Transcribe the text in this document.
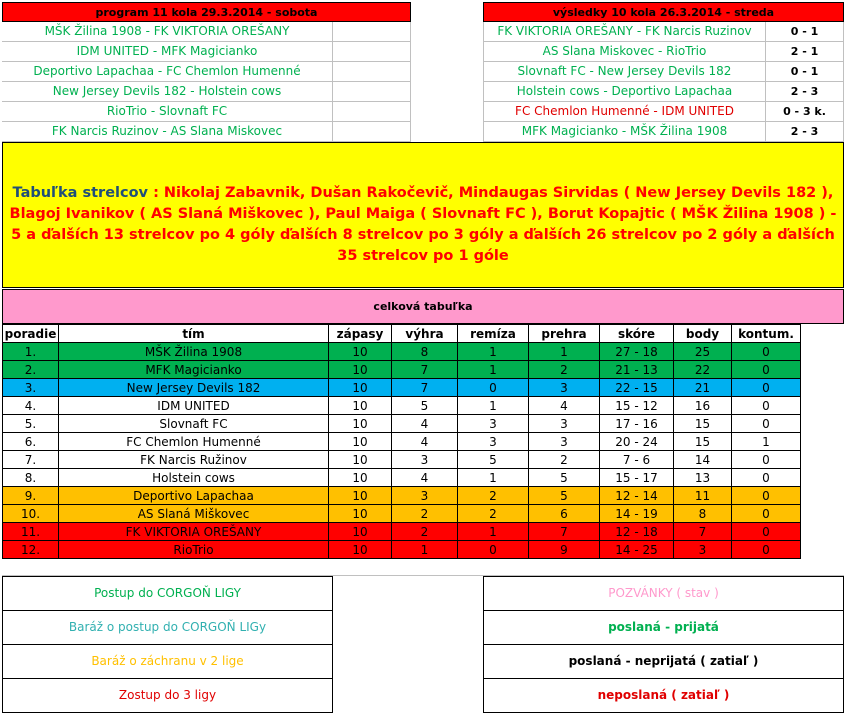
program 11 kola 29.3.2014 - sobota	výsledky 10 kola 26.3.2014 - streda
MŠK Žilina 1908 - FK VIKTORIA OREŠANY
IDM UNITED - MFK Magicianko
Deportivo Lapachaa - FC Chemlon Humenné
New Jersey Devils 182 - Holstein cows
RioTrio - Slovnaft FC
FK Narcis Ruzinov - AS Slana Miskovec
FK VIKTORIA OREŠANY - FK Narcis Ruzinov	0 - 1
AS Slana Miskovec - RioTrio	2 - 1
Slovnaft FC - New Jersey Devils 182	0 - 1
Holstein cows - Deportivo Lapachaa	2 - 3
FC Chemlon Humenné - IDM UNITED	0 - 3 k.
MFK Magicianko - MŠK Žilina 1908	2 - 3
Tabuľka strelcov : Nikolaj Zabavnik, Dušan Rakočevič, Mindaugas Sirvidas ( New Jersey Devils 182 ), Blagoj Ivanikov ( AS Slaná Miškovec ), Paul Maiga ( Slovnaft FC ), Borut Kopajtic ( MŠK Žilina 1908 ) - 5 a ďalších 13 strelcov po 4 góly ďalších 8 strelcov po 3 góly a ďalších 26 strelcov po 2 góly a ďalších 35 strelcov po 1 góle
celková tabuľka
poradie	tím	zápasy	výhra	remíza	prehra	skóre	body	kontum.
1.	MŠK Žilina 1908	10	8	1	1	27 - 18	25	0
2.	MFK Magicianko	10	7	1	2	21 - 13	22	0
3.	New Jersey Devils 182	10	7	0	3	22 - 15	21	0
4.	IDM UNITED	10	5	1	4	15 - 12	16	0
5.	Slovnaft FC	10	4	3	3	17 - 16	15	0
6.	FC Chemlon Humenné	10	4	3	3	20 - 24	15	1
7.	FK Narcis Ružinov	10	3	5	2	7 - 6	14	0
8.	Holstein cows	10	4	1	5	15 - 17	13	0
9.	Deportivo Lapachaa	10	3	2	5	12 - 14	11	0
10.	AS Slaná Miškovec	10	2	2	6	14 - 19	8	0
11.	FK VIKTORIA OREŠANY	10	2	1	7	12 - 18	7	0
12.	RioTrio	10	1	0	9	14 - 25	3	0
Postup do CORGOŇ LIGY
Baráž o postup do CORGOŇ LIGy
Baráž o záchranu v 2 lige
Zostup do 3 ligy
POZVÁNKY ( stav )
poslaná - prijatá
poslaná - neprijatá ( zatiaľ )
neposlaná ( zatiaľ )
